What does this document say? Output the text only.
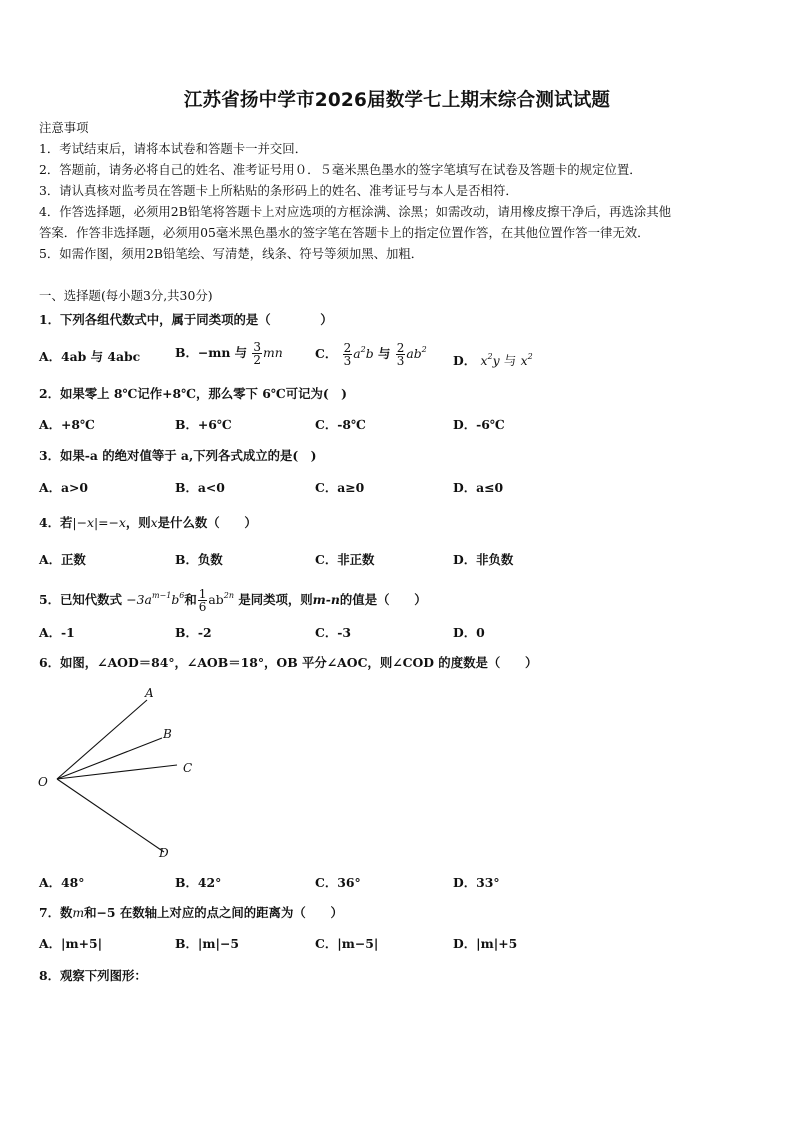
江苏省扬中学市2026届数学七上期末综合测试试题
注意事项
1．考试结束后，请将本试卷和答题卡一并交回．
2．答题前，请务必将自己的姓名、准考证号用０．５毫米黑色墨水的签字笔填写在试卷及答题卡的规定位置．
3．请认真核对监考员在答题卡上所粘贴的条形码上的姓名、准考证号与本人是否相符．
4．作答选择题，必须用2B铅笔将答题卡上对应选项的方框涂满、涂黑；如需改动，请用橡皮擦干净后，再选涂其他
答案．作答非选择题，必须用05毫米黑色墨水的签字笔在答题卡上的指定位置作答，在其他位置作答一律无效．
5．如需作图，须用2B铅笔绘、写清楚，线条、符号等须加黑、加粗．
一、选择题(每小题3分,共30分)
1．下列各组代数式中，属于同类项的是（　　　　）
A．4ab 与 4abc	B．−mn 与 $\frac{3}{2}$ mn	C． $\frac{2}{3} a^2b$ 与 $\frac{2}{3} ab^2$
D． $x^2y$ 与 $x^2$
2．如果零上 8℃记作+8℃，那么零下 6℃可记为(　)
A．+8℃	B．+6℃	C．-8℃	D．-6℃
3．如果-a 的绝对值等于 a,下列各式成立的是(　)
A．a>0	B．a<0	C．a≥0	D．a≤0
4．若|−x|=−x，则x是什么数（　　）
A．正数	B．负数	C．非正数	D．非负数
5．已知代数式 $-3a^{m-1}b^6$和 $\frac{1}{6} ab^{2n}$ 是同类项，则m-n的值是（　　）
A．-1	B．-2	C．-3	D．0
6．如图，∠AOD＝84°，∠AOB＝18°，OB 平分∠AOC，则∠COD 的度数是（　　）
O
A
B
C
D
A．48°	B．42°	C．36°	D．33°
7．数m和−5 在数轴上对应的点之间的距离为（　　）
A．|m+5|	B．|m|−5	C．|m−5|	D．|m|+5
8．观察下列图形：
